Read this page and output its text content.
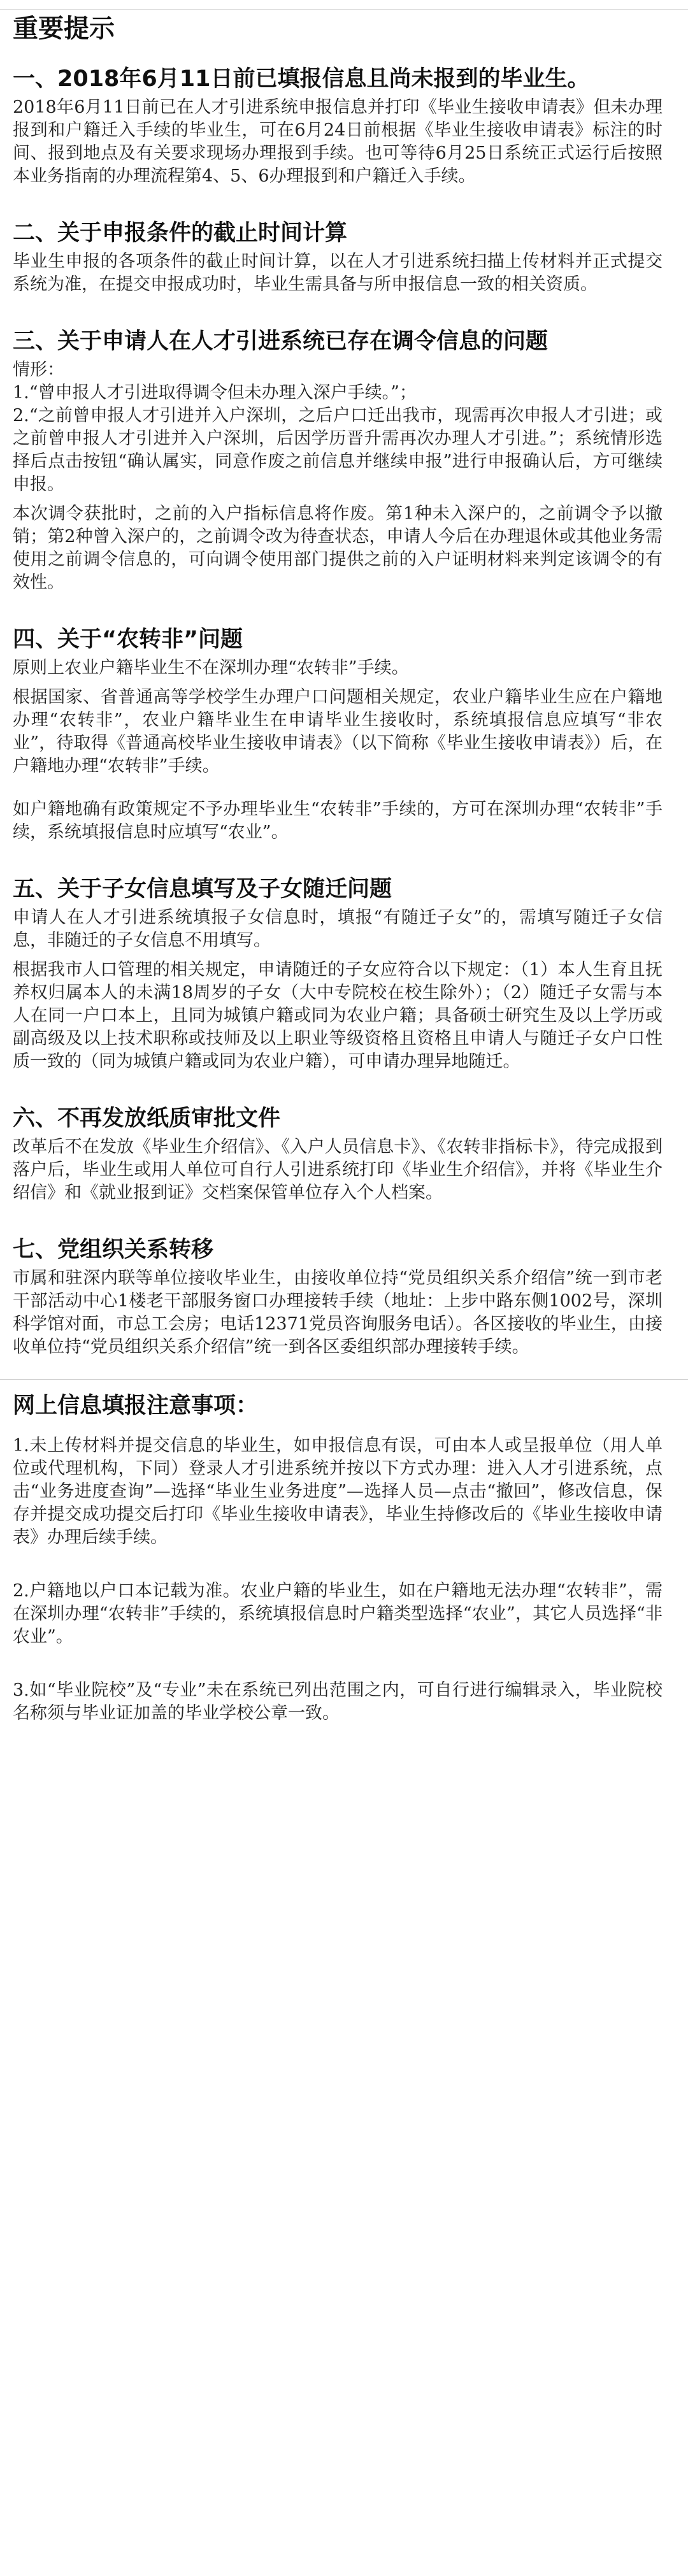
重要提示
一、2018年6月11日前已填报信息且尚未报到的毕业生。

2018年6月11日前已在人才引进系统申报信息并打印《毕业生接收申请表》但未办理报到和户籍迁入手续的毕业生，可在6月24日前根据《毕业生接收申请表》标注的时间、报到地点及有关要求现场办理报到手续。也可等待6月25日系统正式运行后按照本业务指南的办理流程第4、5、6办理报到和户籍迁入手续。

二、关于申报条件的截止时间计算

毕业生申报的各项条件的截止时间计算，以在人才引进系统扫描上传材料并正式提交系统为准，在提交申报成功时，毕业生需具备与所申报信息一致的相关资质。

三、关于申请人在人才引进系统已存在调令信息的问题

情形：

1.“曾申报人才引进取得调令但未办理入深户手续。”；

2.“之前曾申报人才引进并入户深圳，之后户口迁出我市，现需再次申报人才引进；或之前曾申报人才引进并入户深圳，后因学历晋升需再次办理人才引进。”；系统情形选择后点击按钮“确认属实，同意作废之前信息并继续申报”进行申报确认后，方可继续申报。

本次调令获批时，之前的入户指标信息将作废。第1种未入深户的，之前调令予以撤销；第2种曾入深户的，之前调令改为待查状态，申请人今后在办理退休或其他业务需使用之前调令信息的，可向调令使用部门提供之前的入户证明材料来判定该调令的有效性。

四、关于“农转非”问题

原则上农业户籍毕业生不在深圳办理“农转非”手续。

根据国家、省普通高等学校学生办理户口问题相关规定，农业户籍毕业生应在户籍地办理“农转非”，农业户籍毕业生在申请毕业生接收时，系统填报信息应填写“非农业”，待取得《普通高校毕业生接收申请表》（以下简称《毕业生接收申请表》）后，在户籍地办理“农转非”手续。

如户籍地确有政策规定不予办理毕业生“农转非”手续的，方可在深圳办理“农转非”手续，系统填报信息时应填写“农业”。

五、关于子女信息填写及子女随迁问题

申请人在人才引进系统填报子女信息时，填报“有随迁子女”的，需填写随迁子女信息，非随迁的子女信息不用填写。

根据我市人口管理的相关规定，申请随迁的子女应符合以下规定：（1）本人生育且抚养权归属本人的未满18周岁的子女（大中专院校在校生除外）；（2）随迁子女需与本人在同一户口本上，且同为城镇户籍或同为农业户籍；具备硕士研究生及以上学历或副高级及以上技术职称或技师及以上职业等级资格且资格且申请人与随迁子女户口性质一致的（同为城镇户籍或同为农业户籍），可申请办理异地随迁。

六、不再发放纸质审批文件

改革后不在发放《毕业生介绍信》、《入户人员信息卡》、《农转非指标卡》，待完成报到落户后，毕业生或用人单位可自行人引进系统打印《毕业生介绍信》，并将《毕业生介绍信》和《就业报到证》交档案保管单位存入个人档案。

七、党组织关系转移

市属和驻深内联等单位接收毕业生，由接收单位持“党员组织关系介绍信”统一到市老干部活动中心1楼老干部服务窗口办理接转手续（地址：上步中路东侧1002号，深圳科学馆对面，市总工会房；电话12371党员咨询服务电话）。各区接收的毕业生，由接收单位持“党员组织关系介绍信”统一到各区委组织部办理接转手续。

网上信息填报注意事项：

1.未上传材料并提交信息的毕业生，如申报信息有误，可由本人或呈报单位（用人单位或代理机构，下同）登录人才引进系统并按以下方式办理：进入人才引进系统，点击“业务进度查询”—选择“毕业生业务进度”—选择人员—点击“撤回”，修改信息，保存并提交成功提交后打印《毕业生接收申请表》，毕业生持修改后的《毕业生接收申请表》办理后续手续。

2.户籍地以户口本记载为准。农业户籍的毕业生，如在户籍地无法办理“农转非”，需在深圳办理“农转非”手续的，系统填报信息时户籍类型选择“农业”，其它人员选择“非农业”。

3.如“毕业院校”及“专业”未在系统已列出范围之内，可自行进行编辑录入，毕业院校名称须与毕业证加盖的毕业学校公章一致。
